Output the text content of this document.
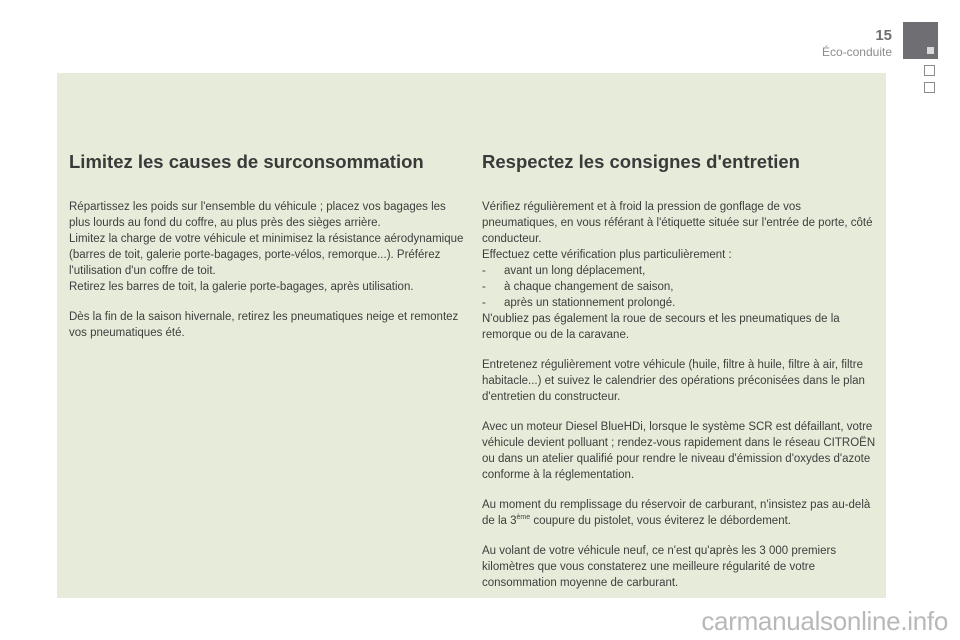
15
Éco-conduite
Limitez les causes de surconsommation

Répartissez les poids sur l'ensemble du véhicule ; placez vos bagages les plus lourds au fond du coffre, au plus près des sièges arrière.
Limitez la charge de votre véhicule et minimisez la résistance aérodynamique (barres de toit, galerie porte-bagages, porte-vélos, remorque...). Préférez l'utilisation d'un coffre de toit.
Retirez les barres de toit, la galerie porte-bagages, après utilisation.

Dès la fin de la saison hivernale, retirez les pneumatiques neige et remontez vos pneumatiques été.

Respectez les consignes d'entretien

Vérifiez régulièrement et à froid la pression de gonflage de vos pneumatiques, en vous référant à l'étiquette située sur l'entrée de porte, côté conducteur.
Effectuez cette vérification plus particulièrement :
- avant un long déplacement,
- à chaque changement de saison,
- après un stationnement prolongé.
N'oubliez pas également la roue de secours et les pneumatiques de la remorque ou de la caravane.

Entretenez régulièrement votre véhicule (huile, filtre à huile, filtre à air, filtre habitacle...) et suivez le calendrier des opérations préconisées dans le plan d'entretien du constructeur.

Avec un moteur Diesel BlueHDi, lorsque le système SCR est défaillant, votre véhicule devient polluant ; rendez-vous rapidement dans le réseau CITROËN ou dans un atelier qualifié pour rendre le niveau d'émission d'oxydes d'azote conforme à la réglementation.

Au moment du remplissage du réservoir de carburant, n'insistez pas au-delà de la 3ème coupure du pistolet, vous éviterez le débordement.

Au volant de votre véhicule neuf, ce n'est qu'après les 3 000 premiers kilomètres que vous constaterez une meilleure régularité de votre consommation moyenne de carburant.

carmanualsonline.info
